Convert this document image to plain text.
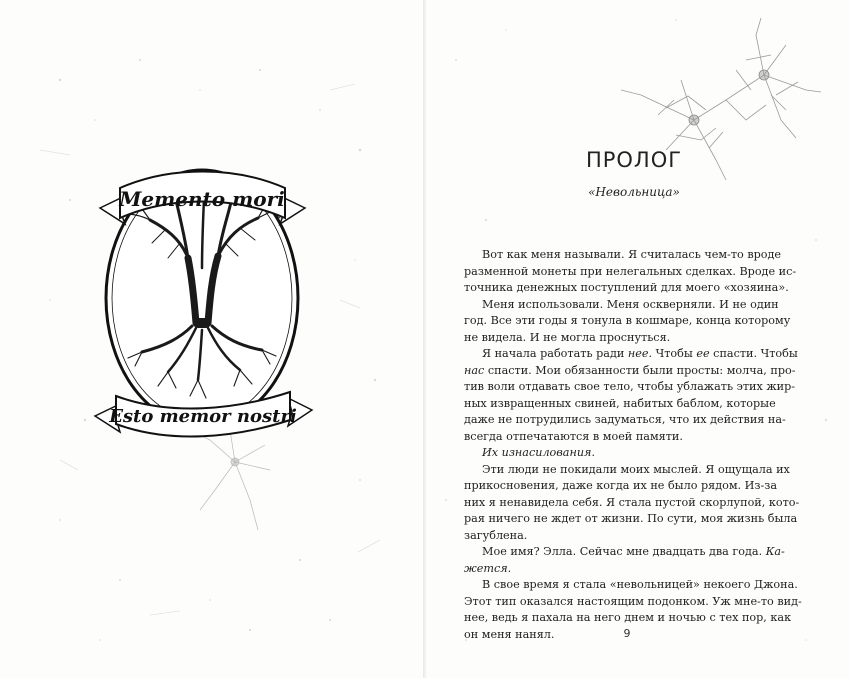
Memento mori
Esto memor nostri
ПРОЛОГ
«Невольница»
Вот как меня называли. Я считалась чем-то вроде
разменной монеты при нелегальных сделках. Вроде ис-
точника денежных поступлений для моего «хозяина».
Меня использовали. Меня оскверняли. И не один
год. Все эти годы я тонула в кошмаре, конца которому
не видела. И не могла проснуться.
Я начала работать ради нее. Чтобы ее спасти. Чтобы
нас спасти. Мои обязанности были просты: молча, про-
тив воли отдавать свое тело, чтобы ублажать этих жир-
ных извращенных свиней, набитых баблом, которые
даже не потрудились задуматься, что их действия на-
всегда отпечатаются в моей памяти.
Их изнасилования.
Эти люди не покидали моих мыслей. Я ощущала их
прикосновения, даже когда их не было рядом. Из-за
них я ненавидела себя. Я стала пустой скорлупой, кото-
рая ничего не ждет от жизни. По сути, моя жизнь была
загублена.
Мое имя? Элла. Сейчас мне двадцать два года. Ка-
жется.
В свое время я стала «невольницей» некоего Джона.
Этот тип оказался настоящим подонком. Уж мне-то вид-
нее, ведь я пахала на него днем и ночью с тех пор, как
он меня нанял.	9
